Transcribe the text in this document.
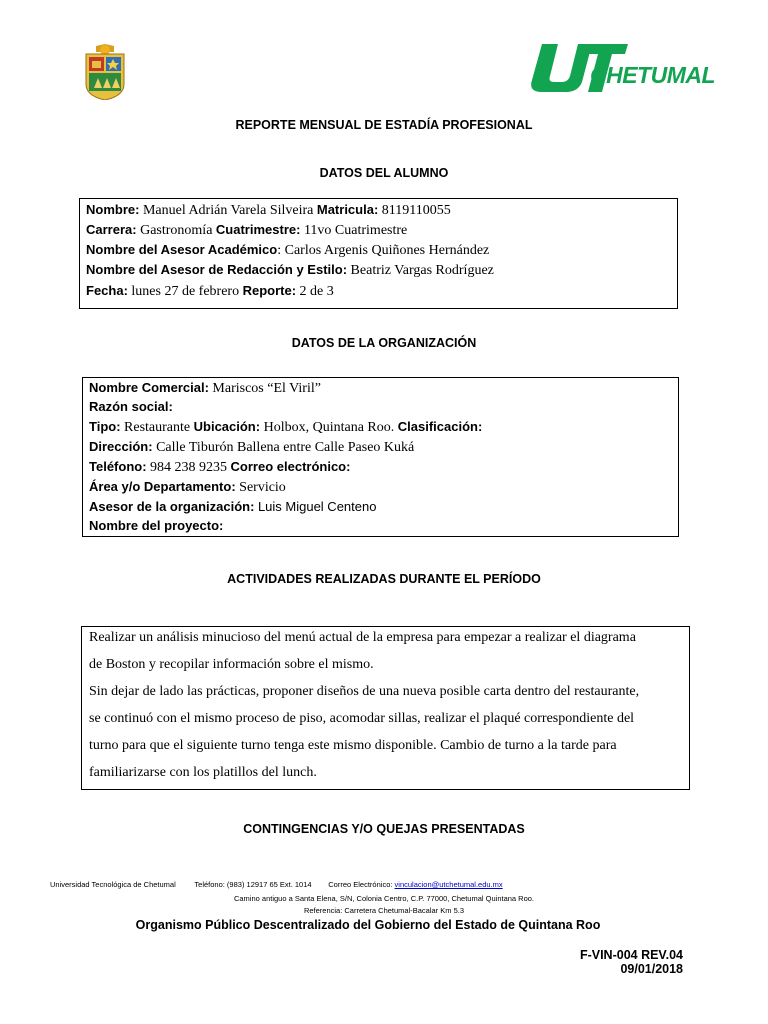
CHETUMAL
REPORTE MENSUAL DE ESTADÍA PROFESIONAL
DATOS DEL ALUMNO
Nombre: Manuel Adrián Varela Silveira Matricula: 8119110055
Carrera: Gastronomía Cuatrimestre: 11vo Cuatrimestre
Nombre del Asesor Académico: Carlos Argenis Quiñones Hernández
Nombre del Asesor de Redacción y Estilo: Beatriz Vargas Rodríguez
Fecha: lunes 27 de febrero Reporte: 2 de 3
DATOS DE LA ORGANIZACIÓN
Nombre Comercial: Mariscos “El Viril”
Razón social:
Tipo: Restaurante Ubicación: Holbox, Quintana Roo. Clasificación:
Dirección: Calle Tiburón Ballena entre Calle Paseo Kuká
Teléfono: 984 238 9235 Correo electrónico:
Área y/o Departamento: Servicio
Asesor de la organización: Luis Miguel Centeno
Nombre del proyecto:
ACTIVIDADES REALIZADAS DURANTE EL PERÍODO
Realizar un análisis minucioso del menú actual de la empresa para empezar a realizar el diagrama
de Boston y recopilar información sobre el mismo.
Sin dejar de lado las prácticas, proponer diseños de una nueva posible carta dentro del restaurante,
se continuó con el mismo proceso de piso, acomodar sillas, realizar el plaqué correspondiente del
turno para que el siguiente turno tenga este mismo disponible. Cambio de turno a la tarde para
familiarizarse con los platillos del lunch.
CONTINGENCIAS Y/O QUEJAS PRESENTADAS
Universidad Tecnológica de Chetumal Teléfono: (983) 12917 65 Ext. 1014 Correo Electrónico: vinculacion@utchetumal.edu.mx
Camino antiguo a Santa Elena, S/N, Colonia Centro, C.P. 77000, Chetumal Quintana Roo.
Referencia: Carretera Chetumal-Bacalar Km 5.3
Organismo Público Descentralizado del Gobierno del Estado de Quintana Roo
F-VIN-004 REV.04
09/01/2018
